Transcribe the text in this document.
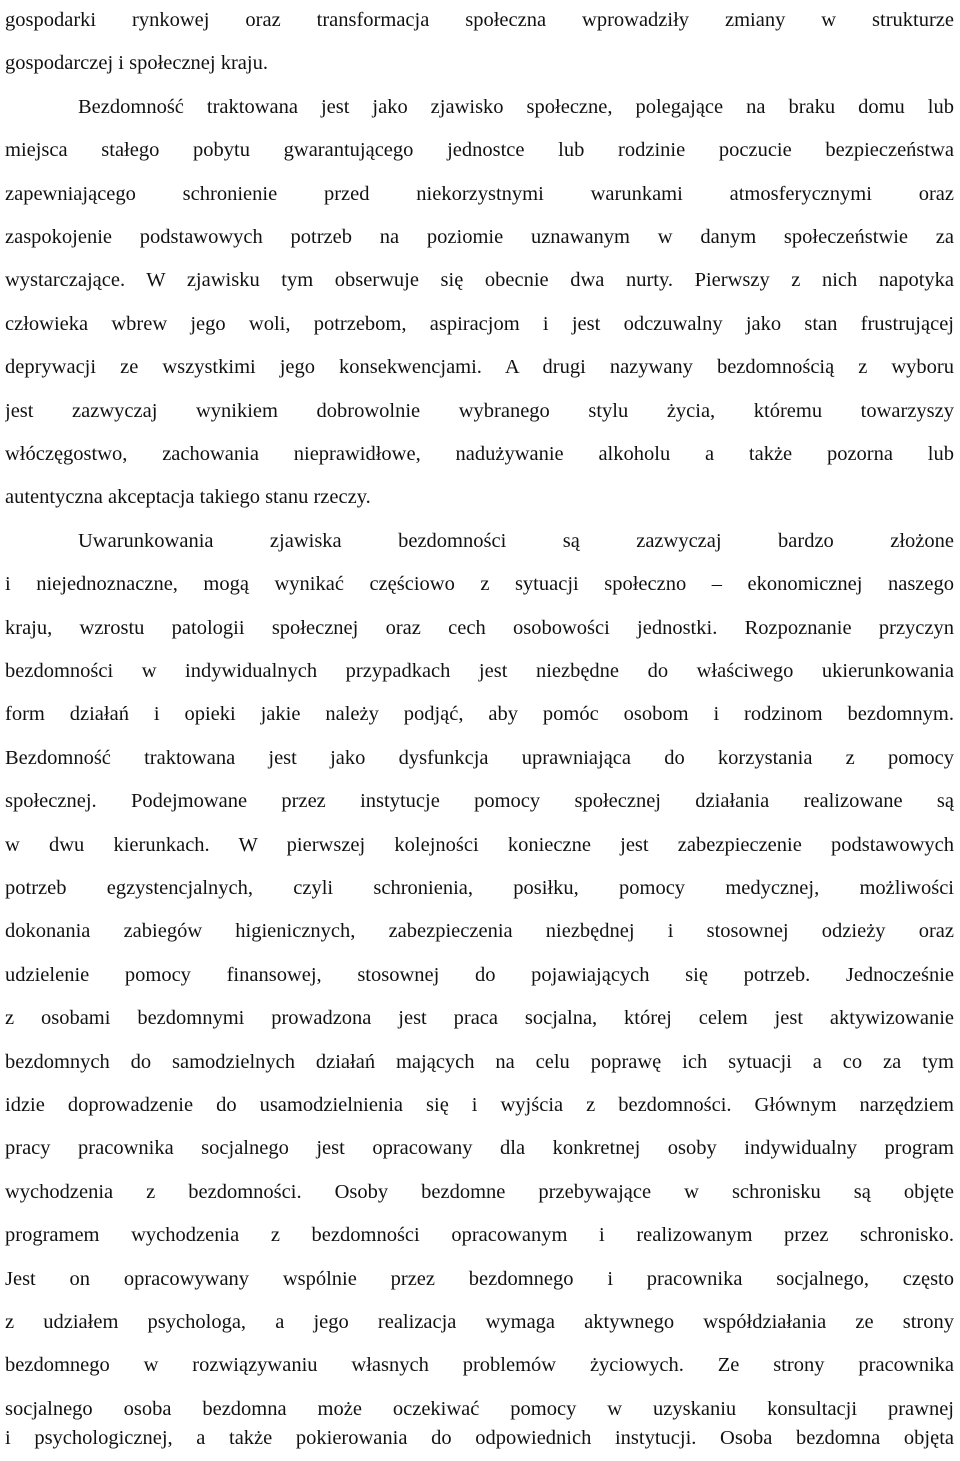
gospodarki rynkowej oraz transformacja społeczna wprowadziły zmiany w strukturze
gospodarczej i społecznej kraju.
Bezdomność traktowana jest jako zjawisko społeczne, polegające na braku domu lub
miejsca stałego pobytu gwarantującego jednostce lub rodzinie poczucie bezpieczeństwa
zapewniającego schronienie przed niekorzystnymi warunkami atmosferycznymi oraz
zaspokojenie podstawowych potrzeb na poziomie uznawanym w danym społeczeństwie za
wystarczające. W zjawisku tym obserwuje się obecnie dwa nurty. Pierwszy z nich napotyka
człowieka wbrew jego woli, potrzebom, aspiracjom i jest odczuwalny jako stan frustrującej
deprywacji ze wszystkimi jego konsekwencjami. A drugi nazywany bezdomnością z wyboru
jest zazwyczaj wynikiem dobrowolnie wybranego stylu życia, któremu towarzyszy
włóczęgostwo, zachowania nieprawidłowe, nadużywanie alkoholu a także pozorna lub
autentyczna akceptacja takiego stanu rzeczy.
Uwarunkowania zjawiska bezdomności są zazwyczaj bardzo złożone
i niejednoznaczne, mogą wynikać częściowo z sytuacji społeczno – ekonomicznej naszego
kraju, wzrostu patologii społecznej oraz cech osobowości jednostki. Rozpoznanie przyczyn
bezdomności w indywidualnych przypadkach jest niezbędne do właściwego ukierunkowania
form działań i opieki jakie należy podjąć, aby pomóc osobom i rodzinom bezdomnym.
Bezdomność traktowana jest jako dysfunkcja uprawniająca do korzystania z pomocy
społecznej. Podejmowane przez instytucje pomocy społecznej działania realizowane są
w dwu kierunkach. W pierwszej kolejności konieczne jest zabezpieczenie podstawowych
potrzeb egzystencjalnych, czyli schronienia, posiłku, pomocy medycznej, możliwości
dokonania zabiegów higienicznych, zabezpieczenia niezbędnej i stosownej odzieży oraz
udzielenie pomocy finansowej, stosownej do pojawiających się potrzeb. Jednocześnie
z osobami bezdomnymi prowadzona jest praca socjalna, której celem jest aktywizowanie
bezdomnych do samodzielnych działań mających na celu poprawę ich sytuacji a co za tym
idzie doprowadzenie do usamodzielnienia się i wyjścia z bezdomności. Głównym narzędziem
pracy pracownika socjalnego jest opracowany dla konkretnej osoby indywidualny program
wychodzenia z bezdomności. Osoby bezdomne przebywające w schronisku są objęte
programem wychodzenia z bezdomności opracowanym i realizowanym przez schronisko.
Jest on opracowywany wspólnie przez bezdomnego i pracownika socjalnego, często
z udziałem psychologa, a jego realizacja wymaga aktywnego współdziałania ze strony
bezdomnego w rozwiązywaniu własnych problemów życiowych. Ze strony pracownika
socjalnego osoba bezdomna może oczekiwać pomocy w uzyskaniu konsultacji prawnej
i psychologicznej, a także pokierowania do odpowiednich instytucji. Osoba bezdomna objęta
